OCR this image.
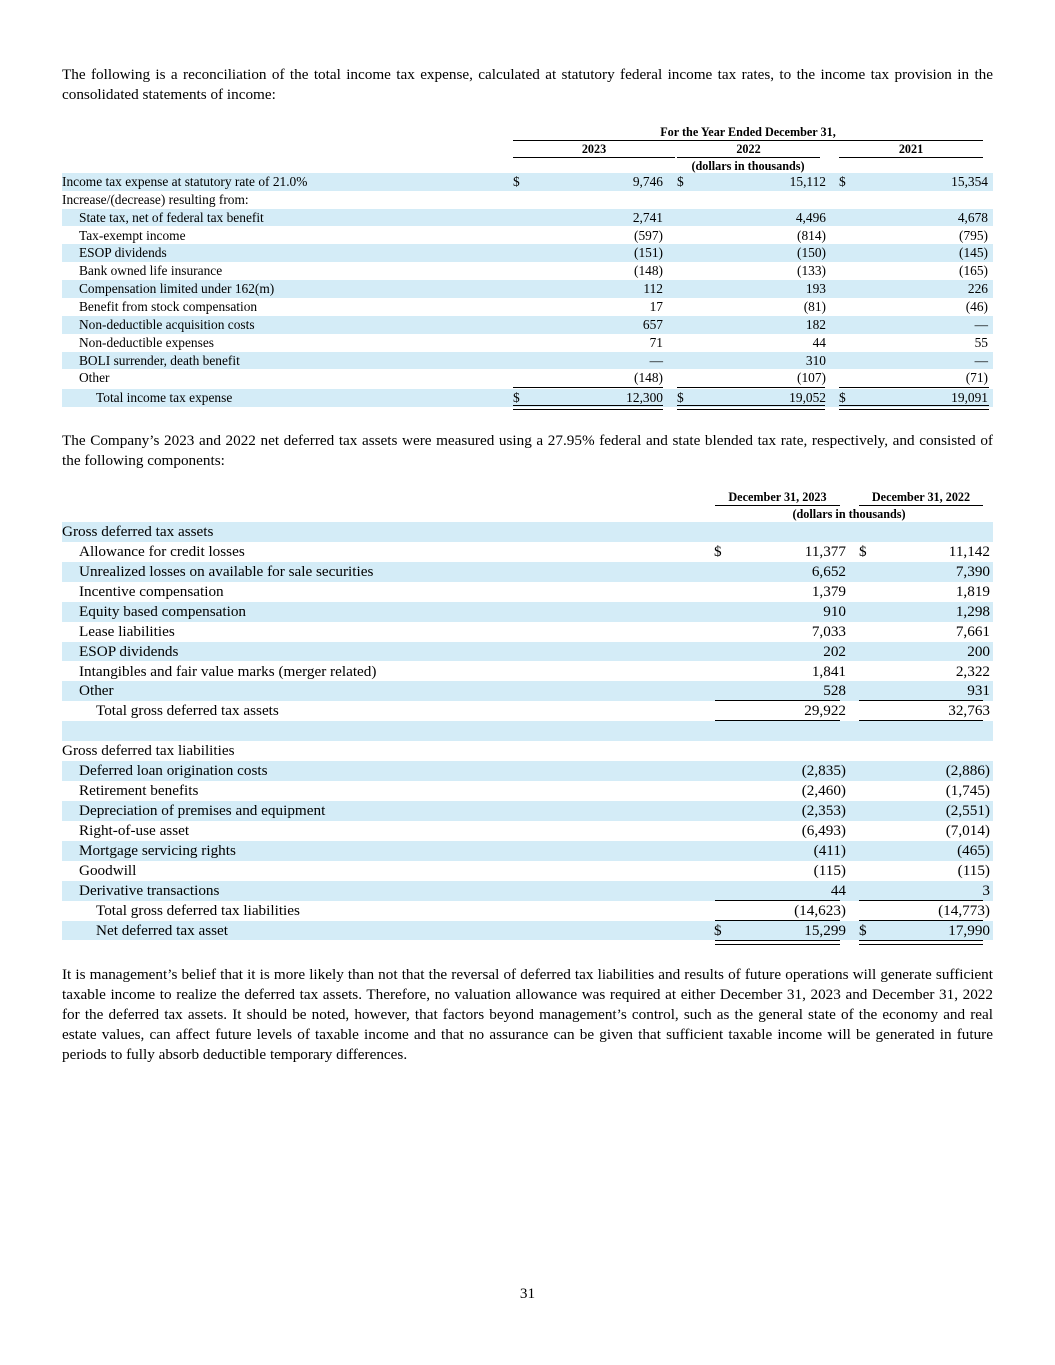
The following is a reconciliation of the total income tax expense, calculated at statutory federal income tax rates, to the income tax provision in the consolidated statements of income:

For the Year Ended December 31,
2023	2022	2021
(dollars in thousands)
Income tax expense at statutory rate of 21.0%	$	9,746	$	15,112 $	15,354
Increase/(decrease) resulting from:
State tax, net of federal tax benefit	2,741	4,496	4,678
Tax-exempt income	(597)	(814)	(795)
ESOP dividends	(151)	(150)	(145)
Bank owned life insurance	(148)	(133)	(165)
Compensation limited under 162(m)	112	193	226
Benefit from stock compensation	17	(81)	(46)
Non-deductible acquisition costs	657	182	—
Non-deductible expenses	71	44	55
BOLI surrender, death benefit	—	310	—
Other	(148)	(107)	(71)
Total income tax expense	$	12,300	$	19,052 $	19,091

The Company’s 2023 and 2022 net deferred tax assets were measured using a 27.95% federal and state blended tax rate, respectively, and consisted of the following components:

December 31, 2023	December 31, 2022
(dollars in thousands)
Gross deferred tax assets
Allowance for credit losses	$	11,377 $	11,142
Unrealized losses on available for sale securities	6,652	7,390
Incentive compensation	1,379	1,819
Equity based compensation	910	1,298
Lease liabilities	7,033	7,661
ESOP dividends	202	200
Intangibles and fair value marks (merger related)	1,841	2,322
Other	528	931
Total gross deferred tax assets	29,922	32,763
Gross deferred tax liabilities
Deferred loan origination costs	(2,835)	(2,886)
Retirement benefits	(2,460)	(1,745)
Depreciation of premises and equipment	(2,353)	(2,551)
Right-of-use asset	(6,493)	(7,014)
Mortgage servicing rights	(411)	(465)
Goodwill	(115)	(115)
Derivative transactions	44	3
Total gross deferred tax liabilities	(14,623)	(14,773)
Net deferred tax asset	$	15,299 $	17,990

It is management’s belief that it is more likely than not that the reversal of deferred tax liabilities and results of future operations will generate sufficient taxable income to realize the deferred tax assets. Therefore, no valuation allowance was required at either December 31, 2023 and December 31, 2022 for the deferred tax assets. It should be noted, however, that factors beyond management’s control, such as the general state of the economy and real estate values, can affect future levels of taxable income and that no assurance can be given that sufficient taxable income will be generated in future periods to fully absorb deductible temporary differences.

31
